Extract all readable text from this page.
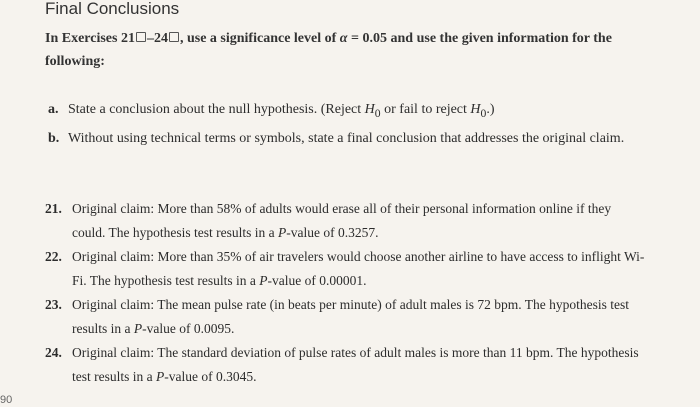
Final Conclusions
In Exercises 21 –24 , use a significance level of α = 0.05 and use the given information for the following:
a. State a conclusion about the null hypothesis. (Reject $H_0$ or fail to reject $H_0$.)
b. Without using technical terms or symbols, state a final conclusion that addresses the original claim.
21. Original claim: More than 58% of adults would erase all of their personal information online if they could. The hypothesis test results in a P-value of 0.3257.
22. Original claim: More than 35% of air travelers would choose another airline to have access to inflight Wi-Fi. The hypothesis test results in a P-value of 0.00001.
23. Original claim: The mean pulse rate (in beats per minute) of adult males is 72 bpm. The hypothesis test results in a P-value of 0.0095.
24. Original claim: The standard deviation of pulse rates of adult males is more than 11 bpm. The hypothesis test results in a P-value of 0.3045.
90
